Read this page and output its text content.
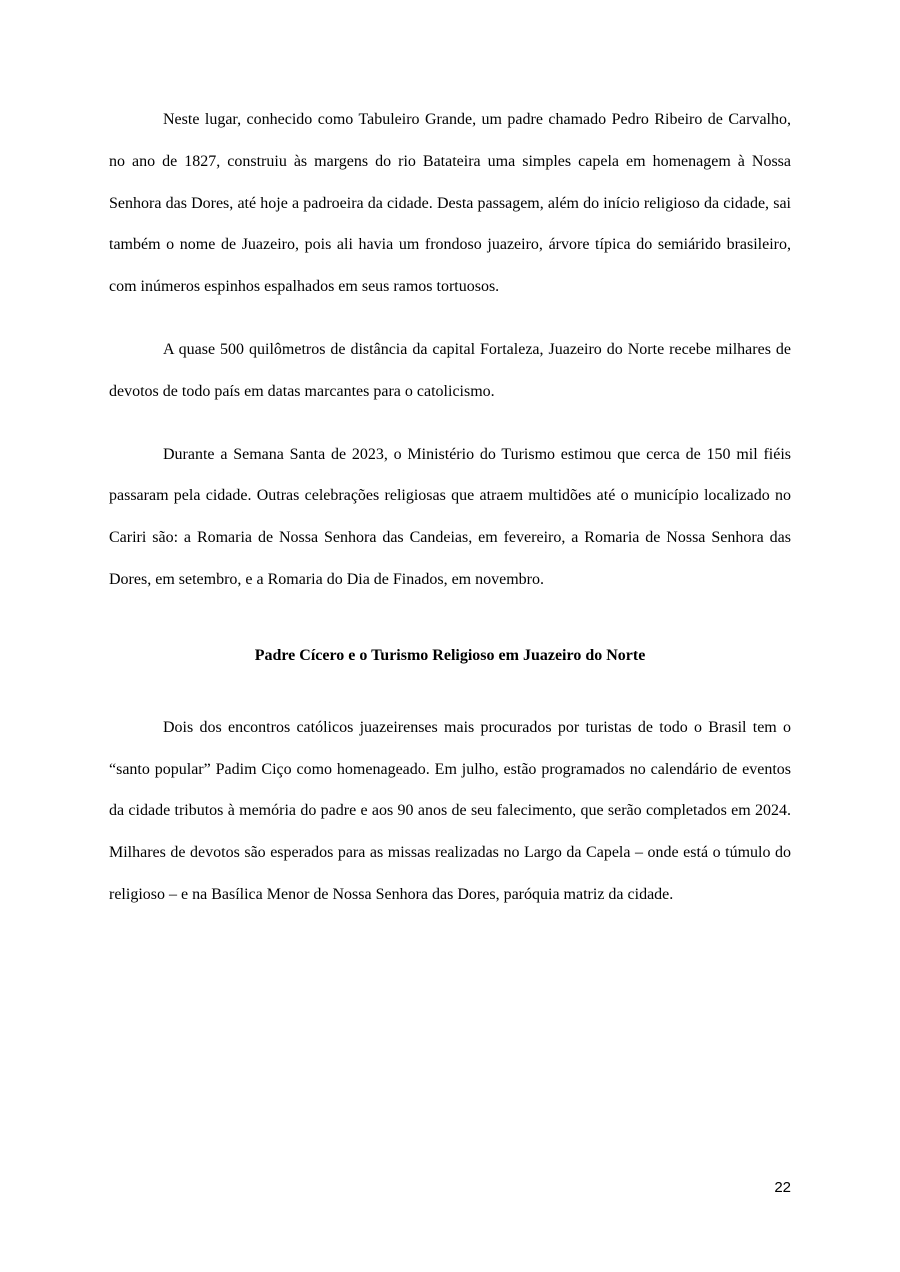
Neste lugar, conhecido como Tabuleiro Grande, um padre chamado Pedro Ribeiro de Carvalho, no ano de 1827, construiu às margens do rio Batateira uma simples capela em homenagem à Nossa Senhora das Dores, até hoje a padroeira da cidade. Desta passagem, além do início religioso da cidade, sai também o nome de Juazeiro, pois ali havia um frondoso juazeiro, árvore típica do semiárido brasileiro, com inúmeros espinhos espalhados em seus ramos tortuosos.

A quase 500 quilômetros de distância da capital Fortaleza, Juazeiro do Norte recebe milhares de devotos de todo país em datas marcantes para o catolicismo.

Durante a Semana Santa de 2023, o Ministério do Turismo estimou que cerca de 150 mil fiéis passaram pela cidade. Outras celebrações religiosas que atraem multidões até o município localizado no Cariri são: a Romaria de Nossa Senhora das Candeias, em fevereiro, a Romaria de Nossa Senhora das Dores, em setembro, e a Romaria do Dia de Finados, em novembro.

Padre Cícero e o Turismo Religioso em Juazeiro do Norte

Dois dos encontros católicos juazeirenses mais procurados por turistas de todo o Brasil tem o “santo popular” Padim Ciço como homenageado. Em julho, estão programados no calendário de eventos da cidade tributos à memória do padre e aos 90 anos de seu falecimento, que serão completados em 2024. Milhares de devotos são esperados para as missas realizadas no Largo da Capela – onde está o túmulo do religioso – e na Basílica Menor de Nossa Senhora das Dores, paróquia matriz da cidade.

22
